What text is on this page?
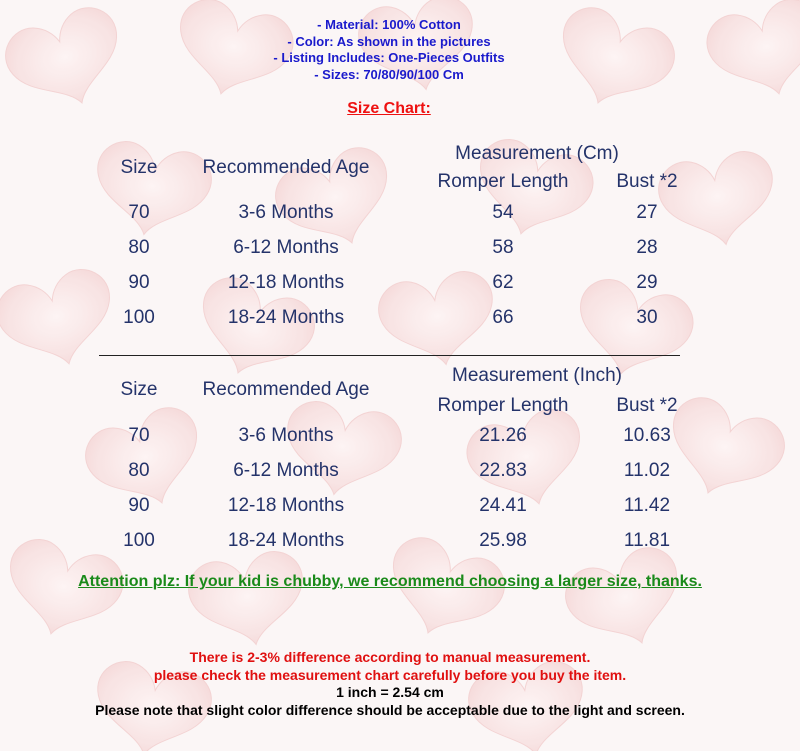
- Material: 100% Cotton
- Color: As shown in the pictures
- Listing Includes: One-Pieces Outfits
- Sizes: 70/80/90/100 Cm
Size Chart:
Size Recommended Age
Measurement (Cm)
Romper Length	Bust *2
70	3-6 Months	54	27
80	6-12 Months	58	28
90	12-18 Months	62	29
100	18-24 Months	66	30
Size Recommended Age
Measurement (Inch)
Romper Length	Bust *2
70	3-6 Months	21.26	10.63
80	6-12 Months	22.83	11.02
90	12-18 Months	24.41	11.42
100	18-24 Months	25.98	11.81
Attention plz: If your kid is chubby, we recommend choosing a larger size, thanks.
There is 2-3% difference according to manual measurement.
please check the measurement chart carefully before you buy the item.
1 inch = 2.54 cm
Please note that slight color difference should be acceptable due to the light and screen.
